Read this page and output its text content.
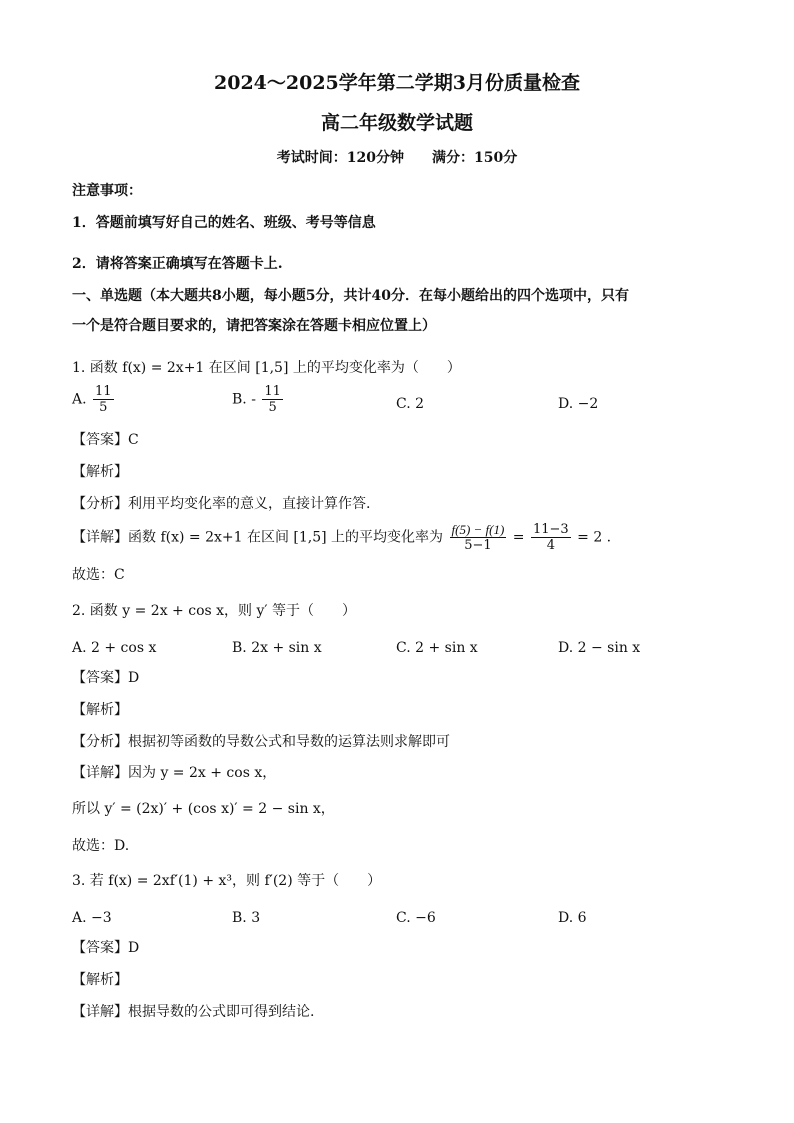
2024～2025学年第二学期3月份质量检查
高二年级数学试题
考试时间：120分钟 满分：150分
注意事项：
1．答题前填写好自己的姓名、班级、考号等信息
2．请将答案正确填写在答题卡上.
一、单选题（本大题共8小题，每小题5分，共计40分．在每小题给出的四个选项中，只有
一个是符合题目要求的，请把答案涂在答题卡相应位置上）
1. 函数 f(x) = 2x+1 在区间 [1,5] 上的平均变化率为（　　）
A. $\frac{11}{5}$	B. - $\frac{11}{5}$	C. 2	D. −2
【答案】C
【解析】
【分析】利用平均变化率的意义，直接计算作答.
【详解】函数 f(x) = 2x+1 在区间 [1,5] 上的平均变化率为 $\frac{f(5) - f(1)}{5-1} = \frac{11-3}{4} = 2$ .
故选：C
2. 函数 y = 2x + cos x，则 y′ 等于（　　）
A. 2 + cos x	B. 2x + sin x	C. 2 + sin x	D. 2 − sin x
【答案】D
【解析】
【分析】根据初等函数的导数公式和导数的运算法则求解即可
【详解】因为 y = 2x + cos x，
所以 y′ = (2x)′ + (cos x)′ = 2 − sin x，
故选：D.
3. 若 f(x) = 2xf′(1) + x³，则 f′(2) 等于（　　）
A. −3	B. 3	C. −6	D. 6
【答案】D
【解析】
【详解】根据导数的公式即可得到结论.
